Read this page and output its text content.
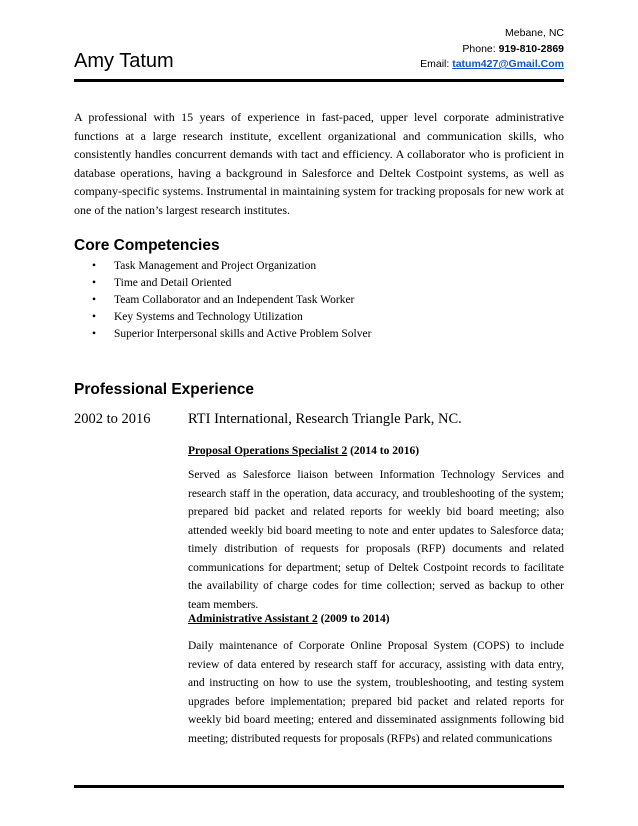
Mebane, NC
Phone: 919-810-2869
Email: tatum427@Gmail.Com
Amy Tatum
A professional with 15 years of experience in fast-paced, upper level corporate administrative functions at a large research institute, excellent organizational and communication skills, who consistently handles concurrent demands with tact and efficiency. A collaborator who is proficient in database operations, having a background in Salesforce and Deltek Costpoint systems, as well as company-specific systems. Instrumental in maintaining system for tracking proposals for new work at one of the nation’s largest research institutes.
Core Competencies
• Task Management and Project Organization
• Time and Detail Oriented
• Team Collaborator and an Independent Task Worker
• Key Systems and Technology Utilization
• Superior Interpersonal skills and Active Problem Solver
Professional Experience
2002 to 2016	RTI International, Research Triangle Park, NC.
Proposal Operations Specialist 2 (2014 to 2016)

Served as Salesforce liaison between Information Technology Services and research staff in the operation, data accuracy, and troubleshooting of the system; prepared bid packet and related reports for weekly bid board meeting; also attended weekly bid board meeting to note and enter updates to Salesforce data; timely distribution of requests for proposals (RFP) documents and related communications for department; setup of Deltek Costpoint records to facilitate the availability of charge codes for time collection; served as backup to other team members.

Administrative Assistant 2 (2009 to 2014)

Daily maintenance of Corporate Online Proposal System (COPS) to include review of data entered by research staff for accuracy, assisting with data entry, and instructing on how to use the system, troubleshooting, and testing system upgrades before implementation; prepared bid packet and related reports for weekly bid board meeting; entered and disseminated assignments following bid meeting; distributed requests for proposals (RFPs) and related communications
